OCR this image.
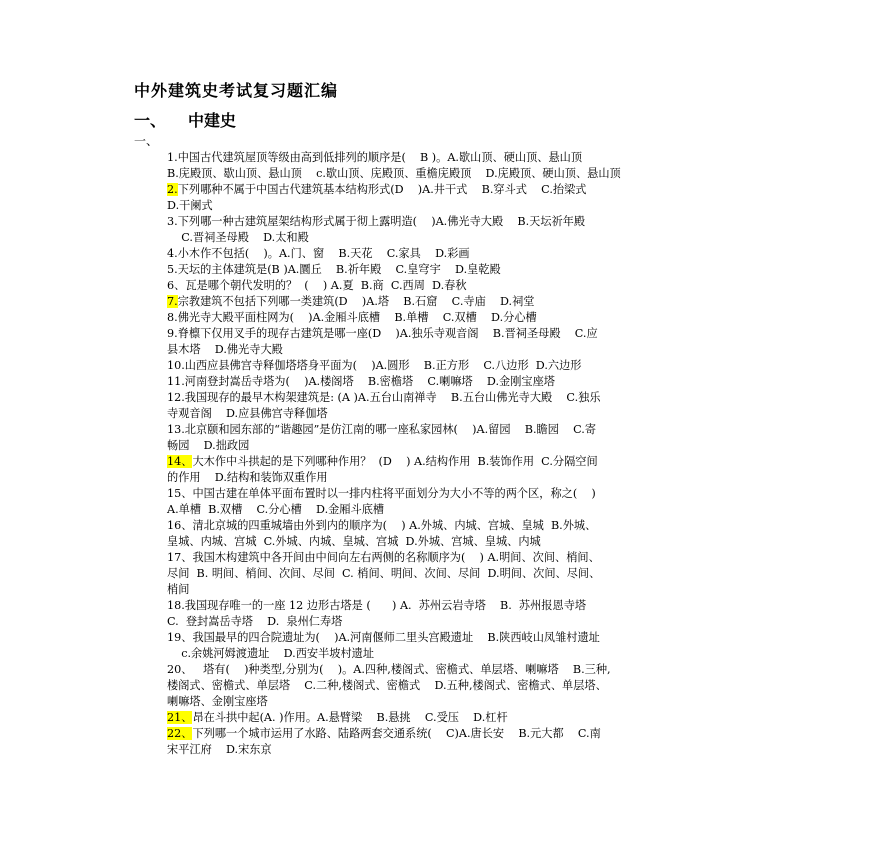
中外建筑史考试复习题汇编
一、 中建史
一、

1.中国古代建筑屋顶等级由高到低排列的顺序是(    B )。A.歇山顶、硬山顶、悬山顶
B.庑殿顶、歇山顶、悬山顶    c.歇山顶、庑殿顶、重檐庑殿顶    D.庑殿顶、硬山顶、悬山顶

2.下列哪种不属于中国古代建筑基本结构形式(D    )A.井干式    B.穿斗式    C.抬梁式
D.干阑式

3.下列哪一种古建筑屋架结构形式属于彻上露明造(    )A.佛光寺大殿    B.天坛祈年殿
C.晋祠圣母殿    D.太和殿

4.小木作不包括(    )。A.门、窗    B.天花    C.家具    D.彩画

5.天坛的主体建筑是(B )A.圜丘    B.祈年殿    C.皇穹宇    D.皇乾殿

6、瓦是哪个朝代发明的？  (    ) A.夏  B.商  C.西周  D.春秋

7.宗教建筑不包括下列哪一类建筑(D    )A.塔    B.石窟    C.寺庙    D.祠堂

8.佛光寺大殿平面柱网为(    )A.金厢斗底槽    B.单槽    C.双槽    D.分心槽

9.脊檩下仅用叉手的现存古建筑是哪一座(D    )A.独乐寺观音阁    B.晋祠圣母殿    C.应
县木塔    D.佛光寺大殿

10.山西应县佛宫寺释伽塔塔身平面为(    )A.圆形    B.正方形    C.八边形  D.六边形

11.河南登封嵩岳寺塔为(    )A.楼阁塔    B.密檐塔    C.喇嘛塔    D.金刚宝座塔

12.我国现存的最早木构架建筑是: (A )A.五台山南禅寺    B.五台山佛光寺大殿    C.独乐
寺观音阁    D.应县佛宫寺释伽塔

13.北京颐和园东部的“谐趣园”是仿江南的哪一座私家园林(    )A.留园    B.瞻园    C.寄
畅园    D.拙政园

14、大木作中斗拱起的是下列哪种作用？  (D    ) A.结构作用  B.装饰作用  C.分隔空间
的作用    D.结构和装饰双重作用

15、中国古建在单体平面布置时以一排内柱将平面划分为大小不等的两个区，称之(    )
A.单槽  B.双槽    C.分心槽    D.金厢斗底槽

16、清北京城的四重城墙由外到内的顺序为(    ) A.外城、内城、宫城、皇城  B.外城、
皇城、内城、宫城  C.外城、内城、皇城、宫城  D.外城、宫城、皇城、内城

17、我国木构建筑中各开间由中间向左右两侧的名称顺序为(    ) A.明间、次间、梢间、
尽间  B. 明间、梢间、次间、尽间  C. 梢间、明间、次间、尽间  D.明间、次间、尽间、
梢间

18.我国现存唯一的一座 12 边形古塔是 (      ) A.  苏州云岩寺塔    B.  苏州报恩寺塔
C.  登封嵩岳寺塔    D.  泉州仁寿塔

19、我国最早的四合院遗址为(    )A.河南偃师二里头宫殿遗址    B.陕西岐山凤雏村遗址
c.余姚河姆渡遗址    D.西安半坡村遗址

20、   塔有(    )种类型,分别为(    )。A.四种,楼阁式、密檐式、单层塔、喇嘛塔    B.三种,
楼阁式、密檐式、单层塔    C.二种,楼阁式、密檐式    D.五种,楼阁式、密檐式、单层塔、
喇嘛塔、金刚宝座塔

21、昂在斗拱中起(A. )作用。A.悬臂梁    B.悬挑    C.受压    D.杠杆

22、下列哪一个城市运用了水路、陆路两套交通系统(    C)A.唐长安    B.元大都    C.南
宋平江府    D.宋东京
